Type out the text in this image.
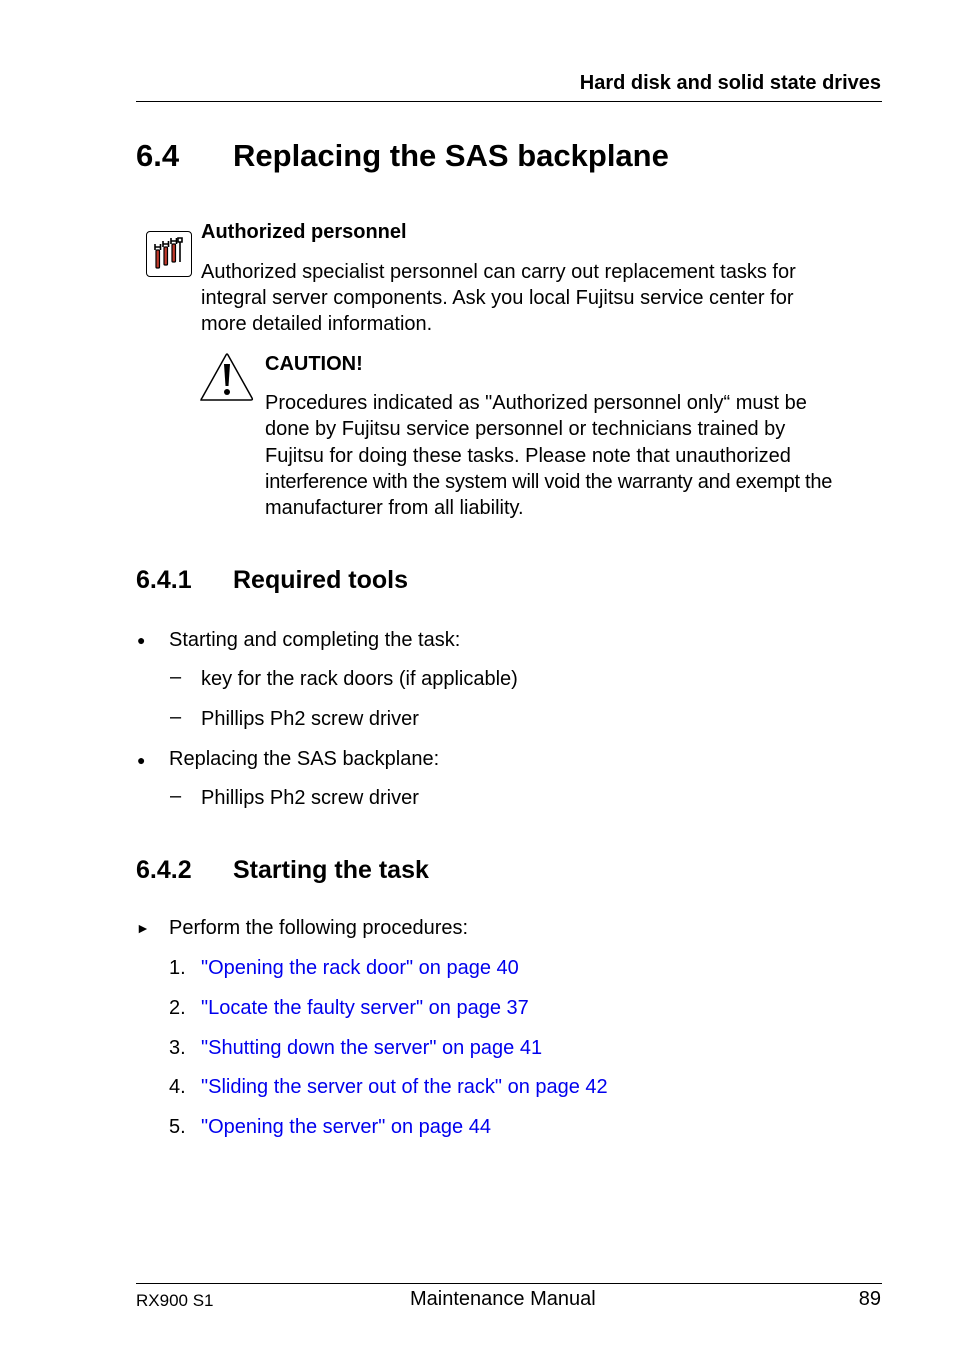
Hard disk and solid state drives
6.4 Replacing the SAS backplane
Authorized personnel
Authorized specialist personnel can carry out replacement tasks for
integral server components. Ask you local Fujitsu service center for
more detailed information.
CAUTION!
Procedures indicated as "Authorized personnel only“ must be
done by Fujitsu service personnel or technicians trained by
Fujitsu for doing these tasks. Please note that unauthorized
interference with the system will void the warranty and exempt the
manufacturer from all liability.
6.4.1 Required tools
● Starting and completing the task:
– key for the rack doors (if applicable)
– Phillips Ph2 screw driver
● Replacing the SAS backplane:
– Phillips Ph2 screw driver
6.4.2 Starting the task
► Perform the following procedures:
1. "Opening the rack door" on page 40
2. "Locate the faulty server" on page 37
3. "Shutting down the server" on page 41
4. "Sliding the server out of the rack" on page 42
5. "Opening the server" on page 44
RX900 S1	Maintenance Manual	89
